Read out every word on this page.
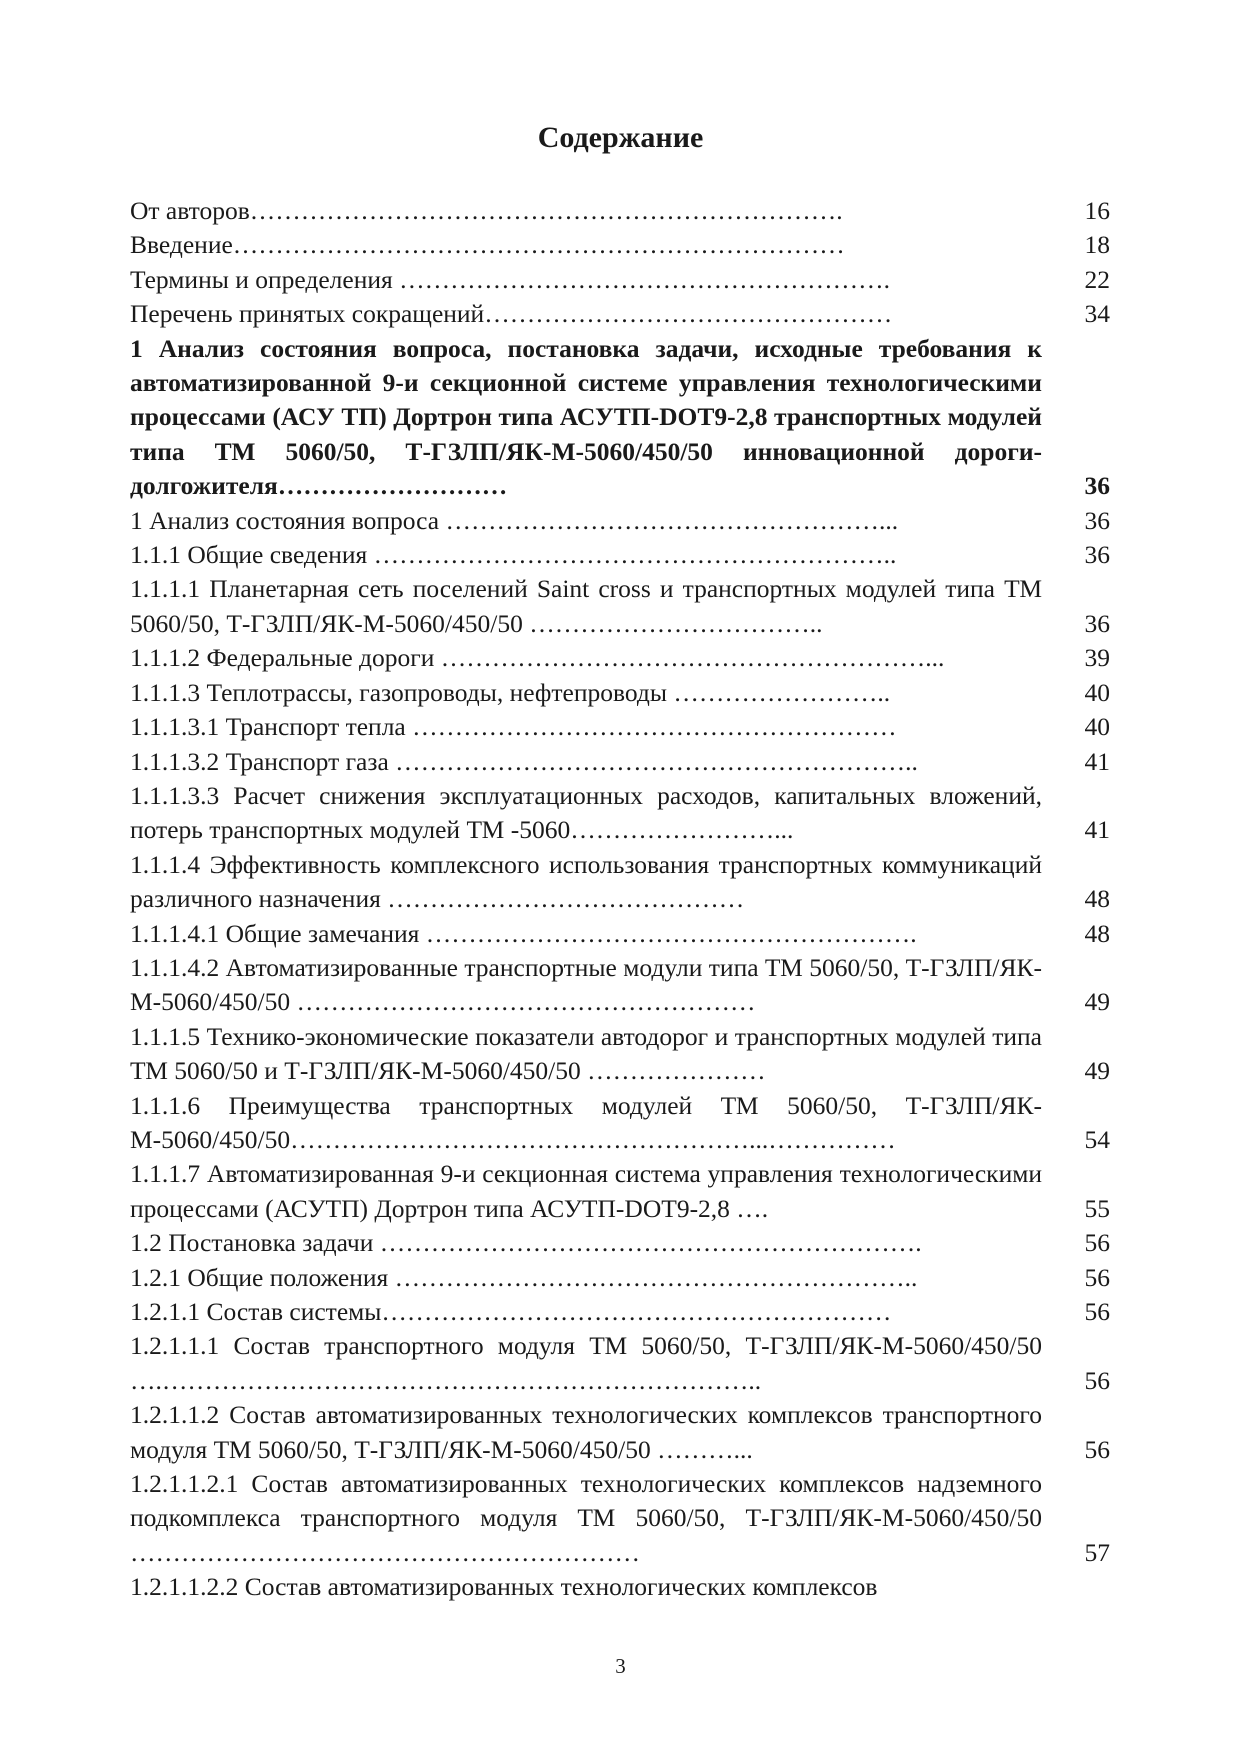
Содержание
От авторов…………………………………………………………….	16
Введение………………………………………………………………	18
Термины и определения ………………………………………………….	22
Перечень принятых сокращений…………………………………………	34
1 Анализ состояния вопроса, постановка задачи, исходные требования к автоматизированной 9-и секционной системе управления технологическими процессами (АСУ ТП) Дортрон типа АСУТП-DOT9-2,8 транспортных модулей типа ТМ 5060/50, Т-ГЗЛП/ЯК-М-5060/450/50 инновационной дороги-долгожителя………………………	36
1 Анализ состояния вопроса ……………………………………………...	36
1.1.1 Общие сведения ……………………………………………………..	36
1.1.1.1 Планетарная сеть поселений Saint cross и транспортных модулей типа ТМ 5060/50, Т-ГЗЛП/ЯК-М-5060/450/50 ……………………………..	36
1.1.1.2 Федеральные дороги …………………………………………………...	39
1.1.1.3 Теплотрассы, газопроводы, нефтепроводы ……………………..	40
1.1.1.3.1 Транспорт тепла …………………………………………………	40
1.1.1.3.2 Транспорт газа ……………………………………………………..	41
1.1.1.3.3 Расчет снижения эксплуатационных расходов, капитальных вложений, потерь транспортных модулей ТМ -5060……………………...	41
1.1.1.4 Эффективность комплексного использования транспортных коммуникаций различного назначения ……………………………………	48
1.1.1.4.1 Общие замечания ………………………………………………….	48
1.1.1.4.2 Автоматизированные транспортные модули типа ТМ 5060/50, Т-ГЗЛП/ЯК-М-5060/450/50 ………………………………………………	49
1.1.1.5 Технико-экономические показатели автодорог и транспортных модулей типа ТМ 5060/50 и Т-ГЗЛП/ЯК-М-5060/450/50 …………………	49
1.1.1.6 Преимущества транспортных модулей ТМ 5060/50, Т-ГЗЛП/ЯК-М-5060/450/50………………………………………………...……………	54
1.1.1.7 Автоматизированная 9-и секционная система управления технологическими процессами (АСУТП) Дортрон типа АСУТП-DOT9-2,8 ….	55
1.2 Постановка задачи ……………………………………………………….	56
1.2.1 Общие положения ……………………………………………………..	56
1.2.1.1 Состав системы……………………………………………………	56
1.2.1.1.1 Состав транспортного модуля ТМ 5060/50, Т-ГЗЛП/ЯК-М-5060/450/50 ….……………………………………………………………..	56
1.2.1.1.2 Состав автоматизированных технологических комплексов транспортного модуля ТМ 5060/50, Т-ГЗЛП/ЯК-М-5060/450/50 ………...	56
1.2.1.1.2.1 Состав автоматизированных технологических комплексов надземного подкомплекса транспортного модуля ТМ 5060/50, Т-ГЗЛП/ЯК-М-5060/450/50 ……………………………………………………	57
1.2.1.1.2.2 Состав автоматизированных технологических комплексов
3
